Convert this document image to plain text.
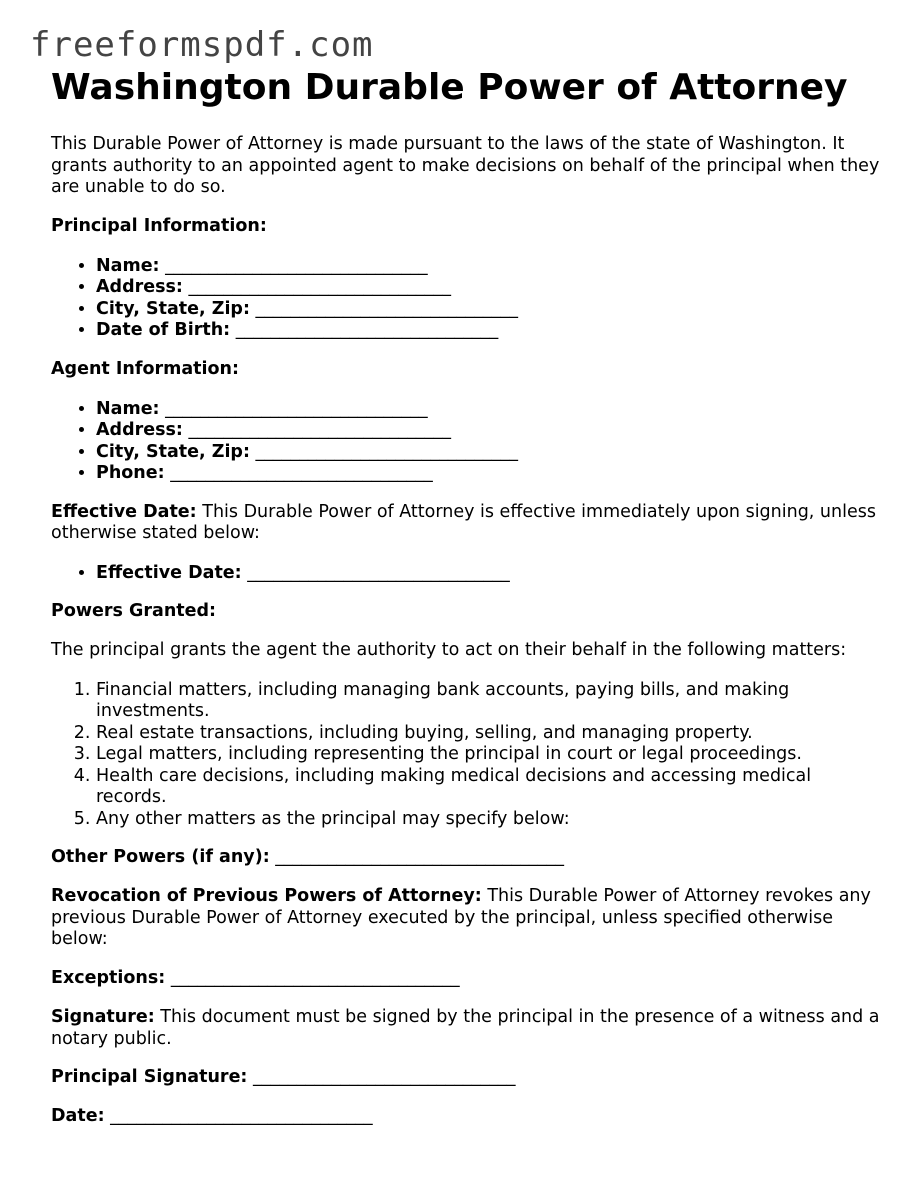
freeformspdf.com
Washington Durable Power of Attorney

This Durable Power of Attorney is made pursuant to the laws of the state of Washington. It grants authority to an appointed agent to make decisions on behalf of the principal when they are unable to do so.

Principal Information:

• Name: ______________________________
• Address: ______________________________
• City, State, Zip: ______________________________
• Date of Birth: ______________________________

Agent Information:

• Name: ______________________________
• Address: ______________________________
• City, State, Zip: ______________________________
• Phone: ______________________________

Effective Date: This Durable Power of Attorney is effective immediately upon signing, unless otherwise stated below:

• Effective Date: ______________________________

Powers Granted:

The principal grants the agent the authority to act on their behalf in the following matters:

1. Financial matters, including managing bank accounts, paying bills, and making investments.
2. Real estate transactions, including buying, selling, and managing property.
3. Legal matters, including representing the principal in court or legal proceedings.
4. Health care decisions, including making medical decisions and accessing medical records.
5. Any other matters as the principal may specify below:

Other Powers (if any): _________________________________

Revocation of Previous Powers of Attorney: This Durable Power of Attorney revokes any previous Durable Power of Attorney executed by the principal, unless specified otherwise below:

Exceptions: _________________________________

Signature: This document must be signed by the principal in the presence of a witness and a notary public.

Principal Signature: ______________________________

Date: ______________________________
